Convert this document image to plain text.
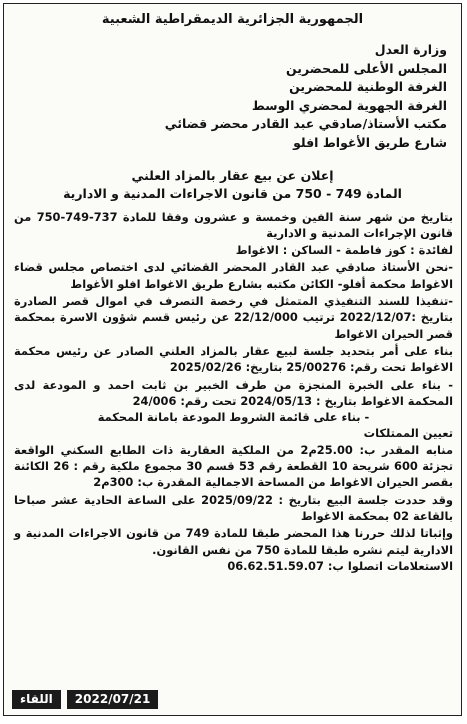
الجمهورية الجزائرية الديمقراطية الشعبية
وزارة العدل
المجلس الأعلى للمحضرين
الغرفة الوطنية للمحضرين
الغرفة الجهوية لمحضري الوسط
مكتب الأستاذ/صادقي عبد القادر محضر قضائي
شارع طريق الأغواط افلو
إعلان عن بيع عقار بالمزاد العلني
المادة 749 - 750 من قانون الاجراءات المدنية و الادارية

بتاريخ من شهر سنة الفين وخمسة و عشرون وفقا للمادة 737-749-750 من قانون الإجراءات المدنية و الادارية

لفائدة : كوز فاطمة - الساكن : الاغواط

-نحن الأستاذ صادقي عبد القادر المحضر القضائي لدى اختصاص مجلس قضاء الاغواط محكمة أفلو- الكائن مكتبه بشارع طريق الاغواط افلو الأغواط

-تنفيذا للسند التنفيذي المتمثل في رخصة التصرف في اموال قصر الصادرة بتاريخ :2022/12/07 ترتيب 22/12/000 عن رئيس قسم شؤون الاسرة بمحكمة قصر الحيران الاغواط

بناء على أمر بتحديد جلسة لبيع عقار بالمزاد العلني الصادر عن رئيس محكمة الاغواط تحت رقم: 25/00276 بتاريخ: 2025/02/26

- بناء على الخبرة المنجزة من طرف الخبير بن ثابت احمد و المودعة لدى المحكمة الاغواط بتاريخ : 2024/05/13 تحت رقم: 24/006

- بناء على قائمة الشروط المودعة بامانة المحكمة

تعيين الممتلكات

منابه المقدر ب: 25.00م2 من الملكية العقارية ذات الطابع السكني الواقعة تجزئة 600 شريحة 10 القطعة رقم 53 قسم 30 مجموع ملكية رقم : 26 الكائنة بقصر الحيران الاغواط من المساحة الاجمالية المقدرة ب: 300م2

وقد حددت جلسة البيع بتاريخ : 2025/09/22 على الساعة الحادية عشر صباحا بالقاعة 02 بمحكمة الاغواط

وإثباتا لذلك حررنا هذا المحضر طبقا للمادة 749 من قانون الاجراءات المدنية و الادارية ليتم نشره طبقا للمادة 750 من نفس القانون.

الاستعلامات اتصلوا ب: 06.62.51.59.07

اللقاء	2022/07/21
